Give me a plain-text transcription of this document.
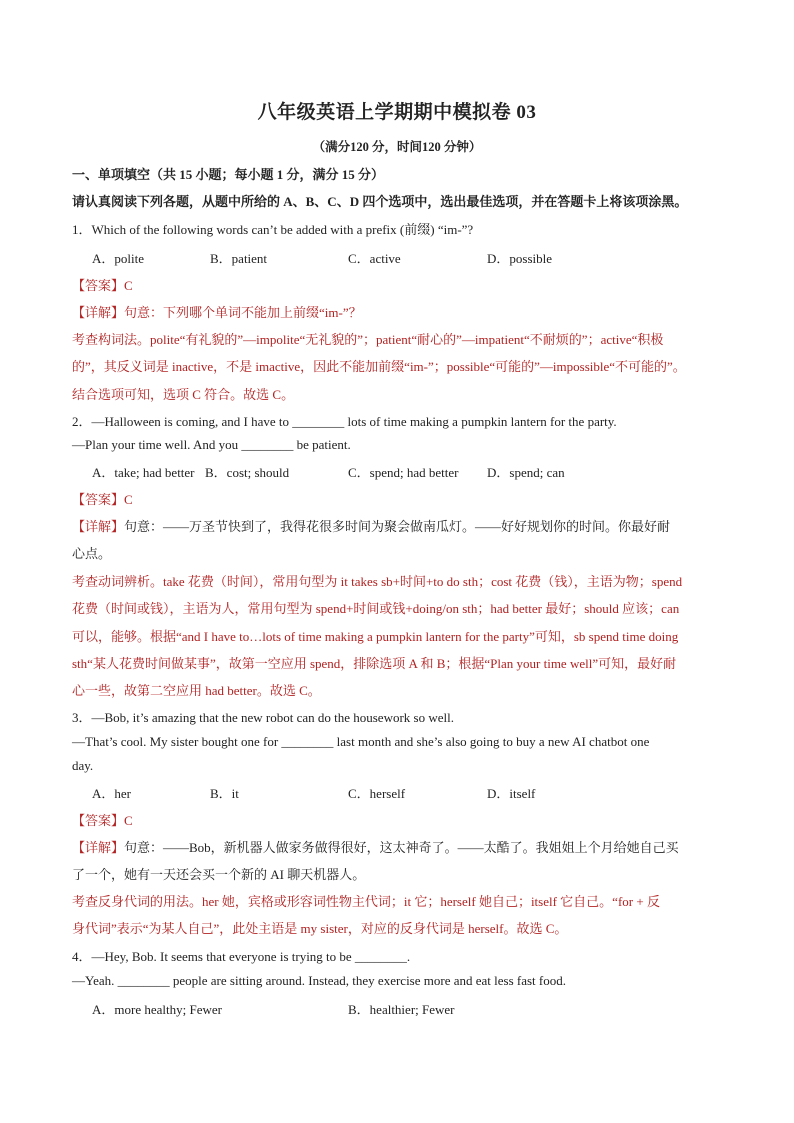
八年级英语上学期期中模拟卷 03
（满分120 分，时间120 分钟）
一、单项填空（共 15 小题；每小题 1 分，满分 15 分）
请认真阅读下列各题，从题中所给的 A、B、C、D 四个选项中，选出最佳选项，并在答题卡上将该项涂黑。
1．Which of the following words can’t be added with a prefix (前缀) “im-”?
A．polite	B．patient	C．active	D．possible
【答案】C
【详解】句意：下列哪个单词不能加上前缀“im-”？
考查构词法。polite“有礼貌的”—impolite“无礼貌的”；patient“耐心的”—impatient“不耐烦的”；active“积极
的”，其反义词是 inactive，不是 imactive，因此不能加前缀“im-”；possible“可能的”—impossible“不可能的”。
结合选项可知，选项 C 符合。故选 C。
2．—Halloween is coming, and I have to ________ lots of time making a pumpkin lantern for the party.
—Plan your time well. And you ________ be patient.
A．take; had better B．cost; should	C．spend; had better D．spend; can
【答案】C
【详解】句意：——万圣节快到了，我得花很多时间为聚会做南瓜灯。——好好规划你的时间。你最好耐
心点。
考查动词辨析。take 花费（时间），常用句型为 it takes sb+时间+to do sth；cost 花费（钱），主语为物；spend
花费（时间或钱），主语为人，常用句型为 spend+时间或钱+doing/on sth；had better 最好；should 应该；can
可以，能够。根据“and I have to…lots of time making a pumpkin lantern for the party”可知，sb spend time doing
sth“某人花费时间做某事”，故第一空应用 spend，排除选项 A 和 B；根据“Plan your time well”可知，最好耐
心一些，故第二空应用 had better。故选 C。
3．—Bob, it’s amazing that the new robot can do the housework so well.
—That’s cool. My sister bought one for ________ last month and she’s also going to buy a new AI chatbot one
day.
A．her	B．it	C．herself	D．itself
【答案】C
【详解】句意：——Bob，新机器人做家务做得很好，这太神奇了。——太酷了。我姐姐上个月给她自己买
了一个，她有一天还会买一个新的 AI 聊天机器人。
考查反身代词的用法。her 她，宾格或形容词性物主代词；it 它；herself 她自己；itself 它自己。“for + 反
身代词”表示“为某人自己”，此处主语是 my sister，对应的反身代词是 herself。故选 C。
4．—Hey, Bob. It seems that everyone is trying to be ________.
—Yeah. ________ people are sitting around. Instead, they exercise more and eat less fast food.
A．more healthy; Fewer	B．healthier; Fewer
